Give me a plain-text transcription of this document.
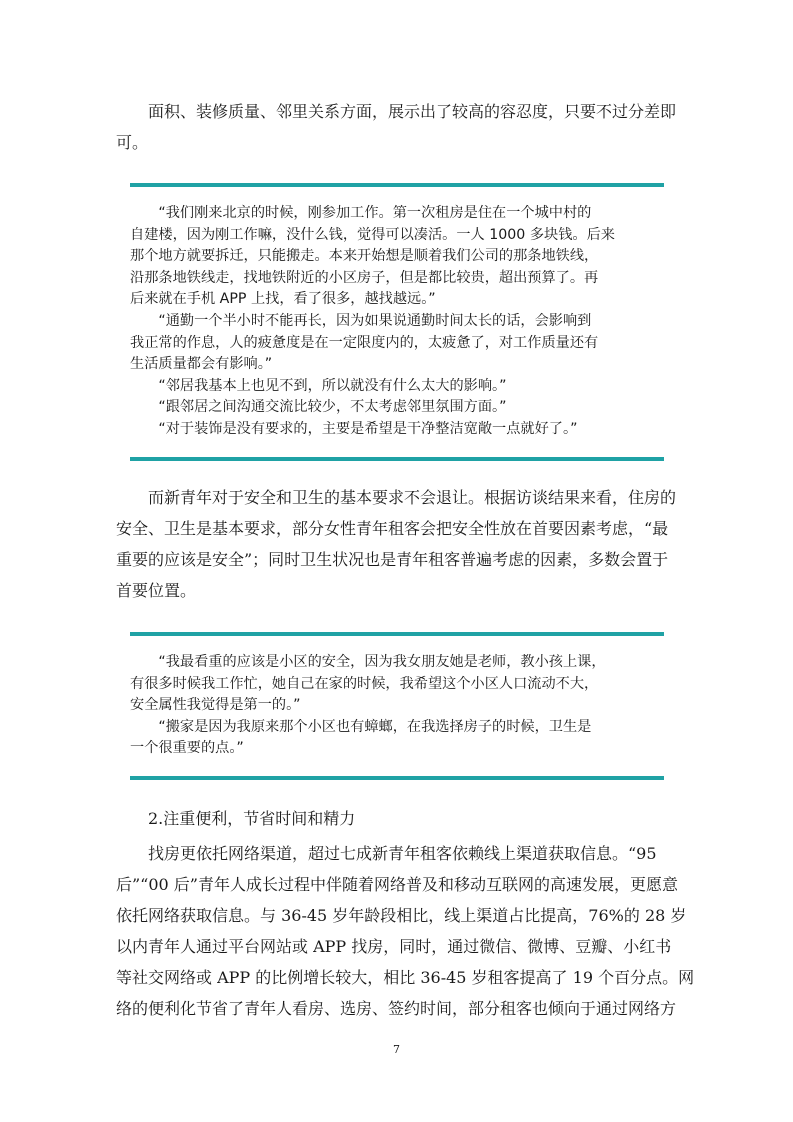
　　面积、装修质量、邻里关系方面，展示出了较高的容忍度，只要不过分差即
可。
　　“我们刚来北京的时候，刚参加工作。第一次租房是住在一个城中村的
自建楼，因为刚工作嘛，没什么钱，觉得可以凑活。一人 1000 多块钱。后来
那个地方就要拆迁，只能搬走。本来开始想是顺着我们公司的那条地铁线，
沿那条地铁线走，找地铁附近的小区房子，但是都比较贵，超出预算了。再
后来就在手机 APP 上找，看了很多，越找越远。”
　　“通勤一个半小时不能再长，因为如果说通勤时间太长的话，会影响到
我正常的作息，人的疲惫度是在一定限度内的，太疲惫了，对工作质量还有
生活质量都会有影响。”
　　“邻居我基本上也见不到，所以就没有什么太大的影响。”
　　“跟邻居之间沟通交流比较少，不太考虑邻里氛围方面。”
　　“对于装饰是没有要求的，主要是希望是干净整洁宽敞一点就好了。”
　　而新青年对于安全和卫生的基本要求不会退让。根据访谈结果来看，住房的
安全、卫生是基本要求，部分女性青年租客会把安全性放在首要因素考虑，“最
重要的应该是安全”；同时卫生状况也是青年租客普遍考虑的因素，多数会置于
首要位置。
　　“我最看重的应该是小区的安全，因为我女朋友她是老师，教小孩上课，
有很多时候我工作忙，她自己在家的时候，我希望这个小区人口流动不大，
安全属性我觉得是第一的。”
　　“搬家是因为我原来那个小区也有蟑螂，在我选择房子的时候，卫生是
一个很重要的点。”
2.注重便利，节省时间和精力
　　找房更依托网络渠道，超过七成新青年租客依赖线上渠道获取信息。“95
后”“00 后”青年人成长过程中伴随着网络普及和移动互联网的高速发展，更愿意
依托网络获取信息。与 36-45 岁年龄段相比，线上渠道占比提高，76%的 28 岁
以内青年人通过平台网站或 APP 找房，同时，通过微信、微博、豆瓣、小红书
等社交网络或 APP 的比例增长较大，相比 36-45 岁租客提高了 19 个百分点。网
络的便利化节省了青年人看房、选房、签约时间，部分租客也倾向于通过网络方
7
